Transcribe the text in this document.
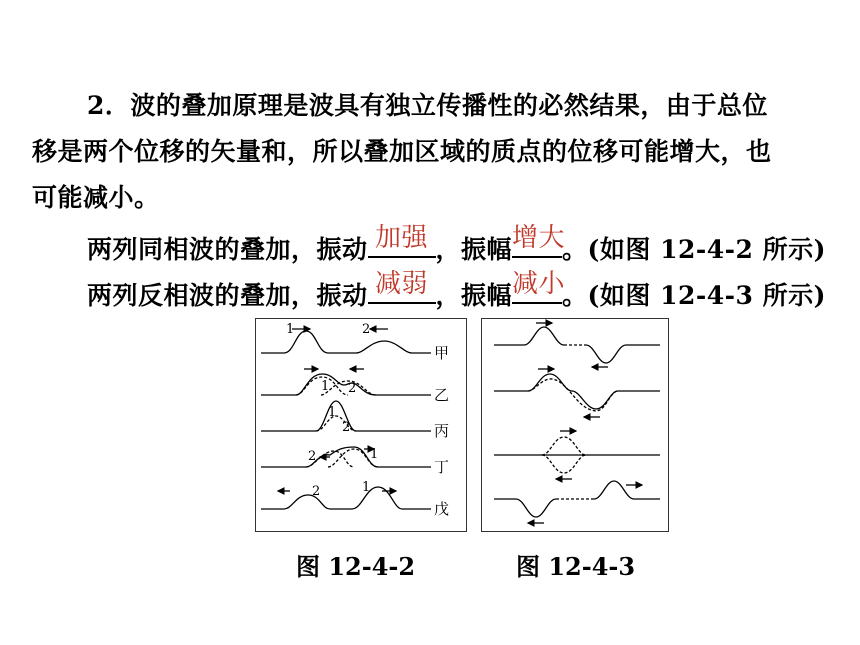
2．波的叠加原理是波具有独立传播性的必然结果，由于总位
移是两个位移的矢量和，所以叠加区域的质点的位移可能增大，也
可能减小。
两列同相波的叠加，振动 加强 ，振幅 增大
。(如图 12-4-2 所示)
两列反相波的叠加，振动 减弱 ，振幅 减小
。(如图 12-4-3 所示)
1	2
1 2
1
2
2	1
2	1
甲
乙
丙
丁
戊
图 12-4-2	图 12-4-3
